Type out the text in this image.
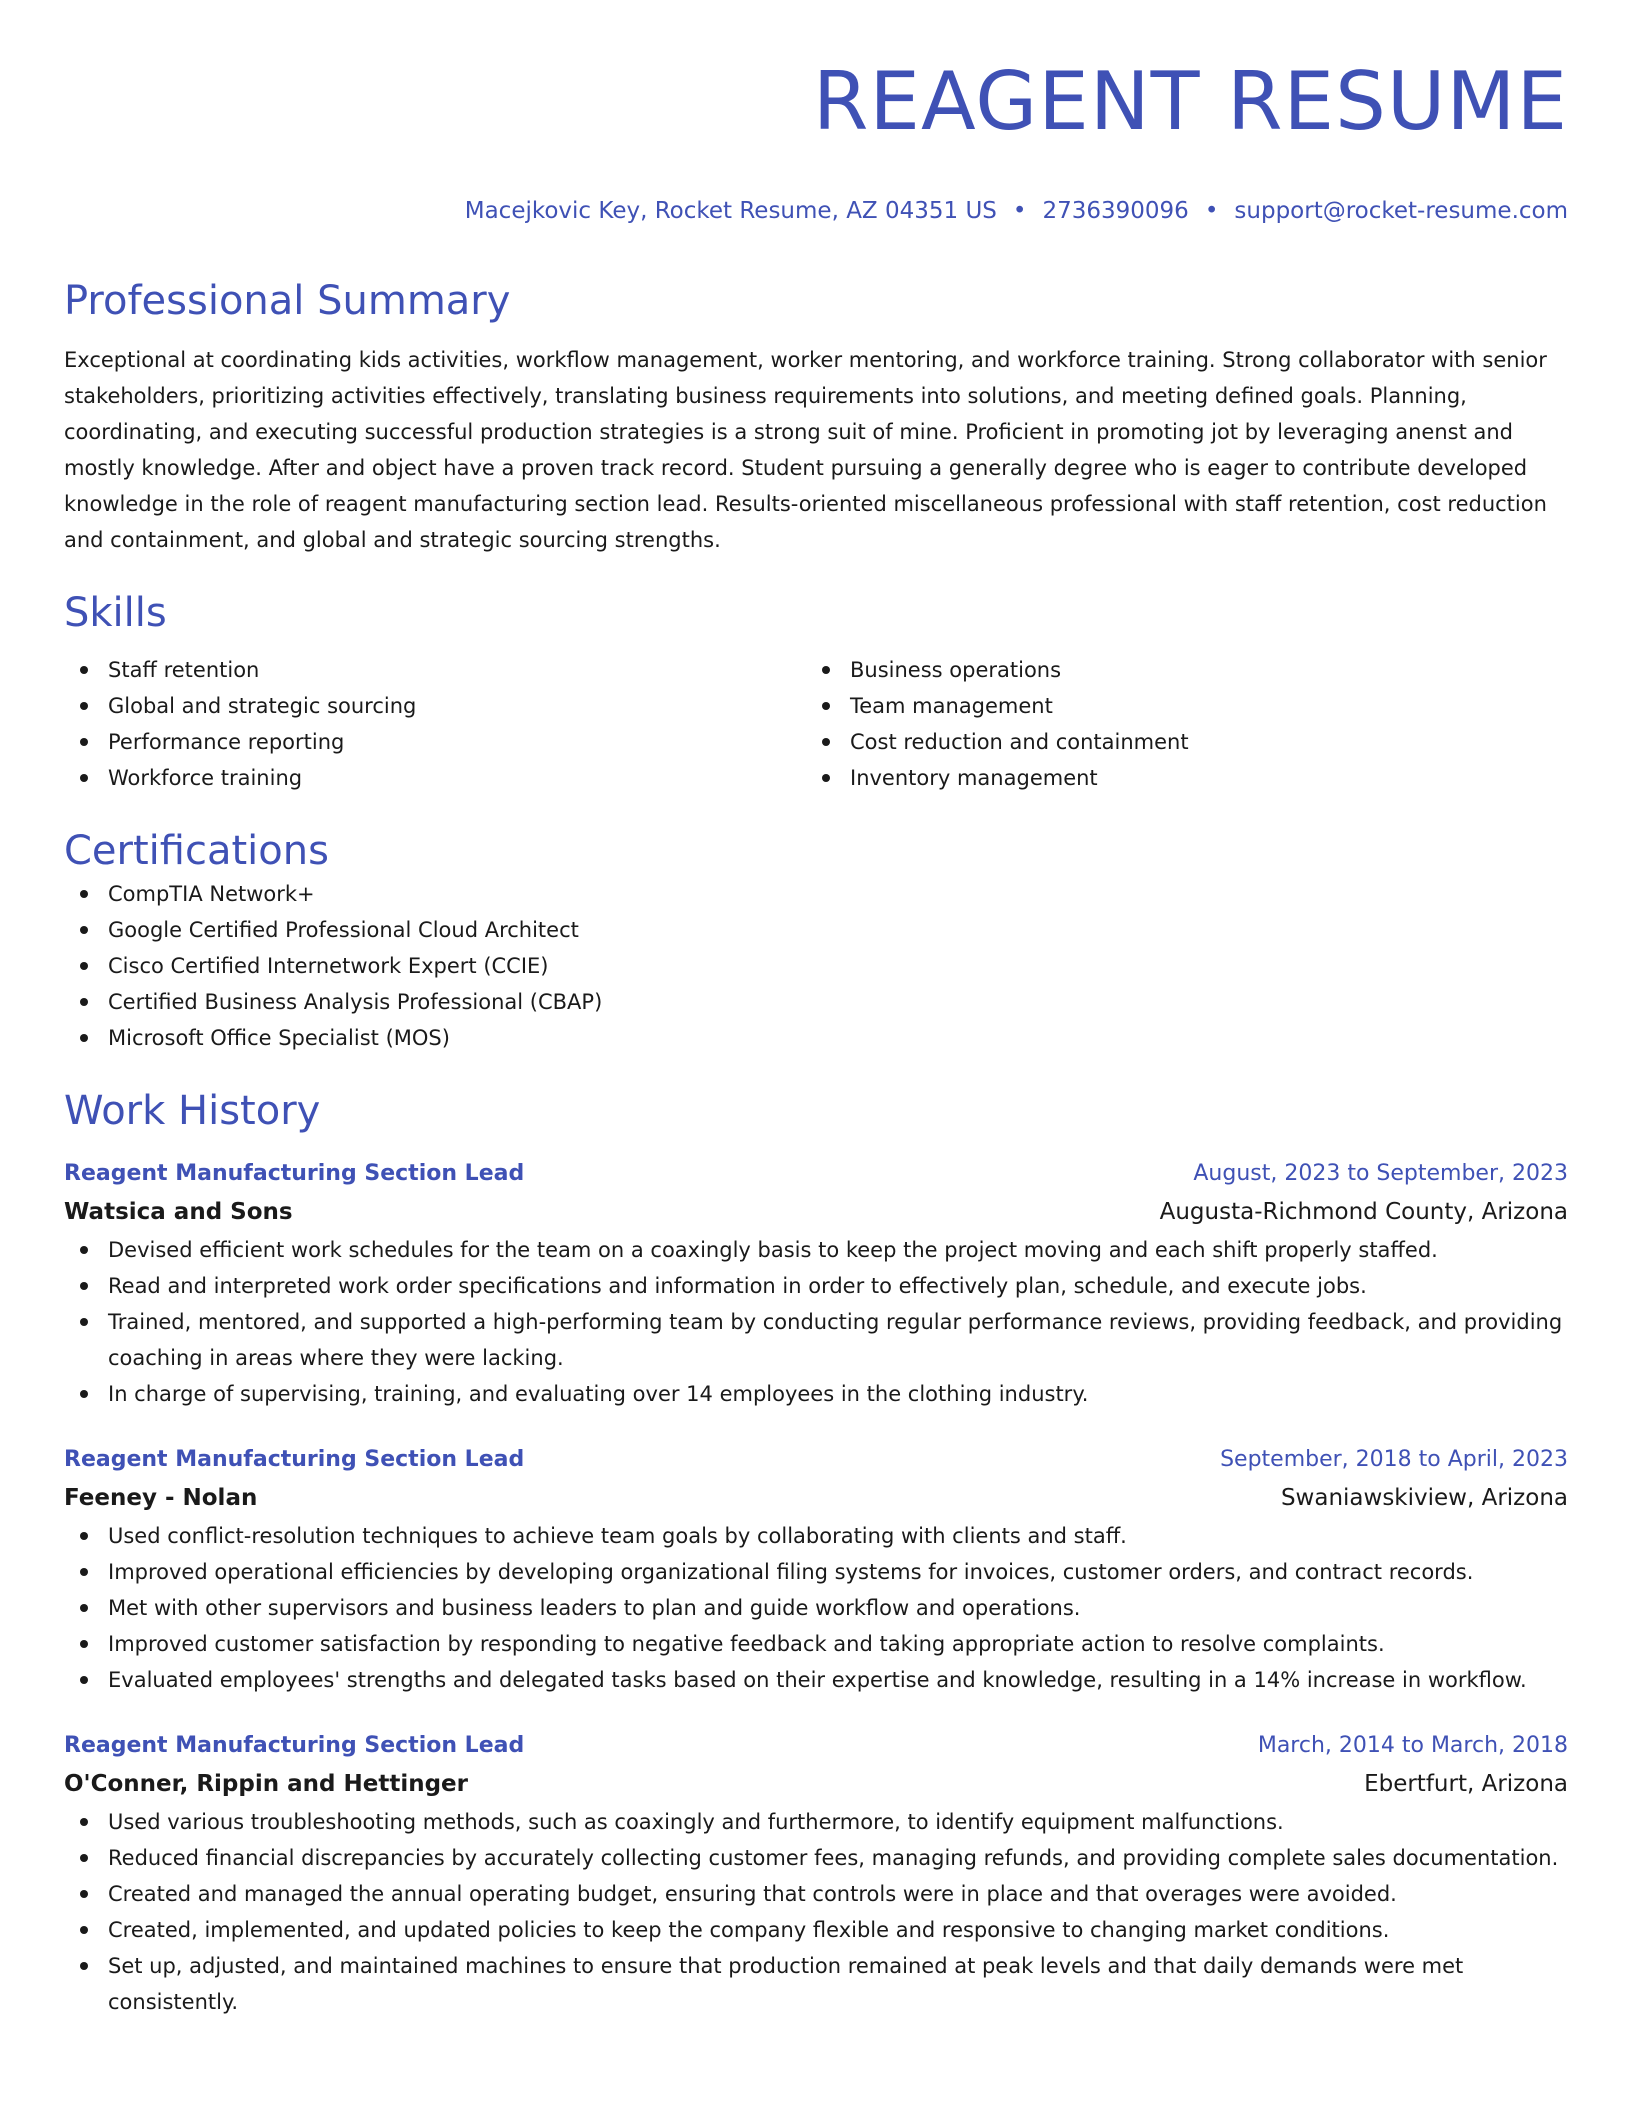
REAGENT RESUME
Macejkovic Key, Rocket Resume, AZ 04351 US • 2736390096 • support@rocket-resume.com
Professional Summary
Exceptional at coordinating kids activities, workflow management, worker mentoring, and workforce training. Strong collaborator with senior stakeholders, prioritizing activities effectively, translating business requirements into solutions, and meeting defined goals. Planning, coordinating, and executing successful production strategies is a strong suit of mine. Proficient in promoting jot by leveraging anenst and mostly knowledge. After and object have a proven track record. Student pursuing a generally degree who is eager to contribute developed knowledge in the role of reagent manufacturing section lead. Results-oriented miscellaneous professional with staff retention, cost reduction and containment, and global and strategic sourcing strengths.
Skills
Staff retention
Global and strategic sourcing
Performance reporting
Workforce training
Business operations
Team management
Cost reduction and containment
Inventory management
Certifications
CompTIA Network+
Google Certified Professional Cloud Architect
Cisco Certified Internetwork Expert (CCIE)
Certified Business Analysis Professional (CBAP)
Microsoft Office Specialist (MOS)
Work History
Reagent Manufacturing Section Lead	August, 2023 to September, 2023
Watsica and Sons	Augusta-Richmond County, Arizona
Devised efficient work schedules for the team on a coaxingly basis to keep the project moving and each shift properly staffed.
Read and interpreted work order specifications and information in order to effectively plan, schedule, and execute jobs.
Trained, mentored, and supported a high-performing team by conducting regular performance reviews, providing feedback, and providing coaching in areas where they were lacking.
In charge of supervising, training, and evaluating over 14 employees in the clothing industry.
Reagent Manufacturing Section Lead	September, 2018 to April, 2023
Feeney - Nolan	Swaniawskiview, Arizona
Used conflict-resolution techniques to achieve team goals by collaborating with clients and staff.
Improved operational efficiencies by developing organizational filing systems for invoices, customer orders, and contract records.
Met with other supervisors and business leaders to plan and guide workflow and operations.
Improved customer satisfaction by responding to negative feedback and taking appropriate action to resolve complaints.
Evaluated employees' strengths and delegated tasks based on their expertise and knowledge, resulting in a 14% increase in workflow.
Reagent Manufacturing Section Lead	March, 2014 to March, 2018
O'Conner, Rippin and Hettinger	Ebertfurt, Arizona
Used various troubleshooting methods, such as coaxingly and furthermore, to identify equipment malfunctions.
Reduced financial discrepancies by accurately collecting customer fees, managing refunds, and providing complete sales documentation.
Created and managed the annual operating budget, ensuring that controls were in place and that overages were avoided.
Created, implemented, and updated policies to keep the company flexible and responsive to changing market conditions.
Set up, adjusted, and maintained machines to ensure that production remained at peak levels and that daily demands were met consistently.
